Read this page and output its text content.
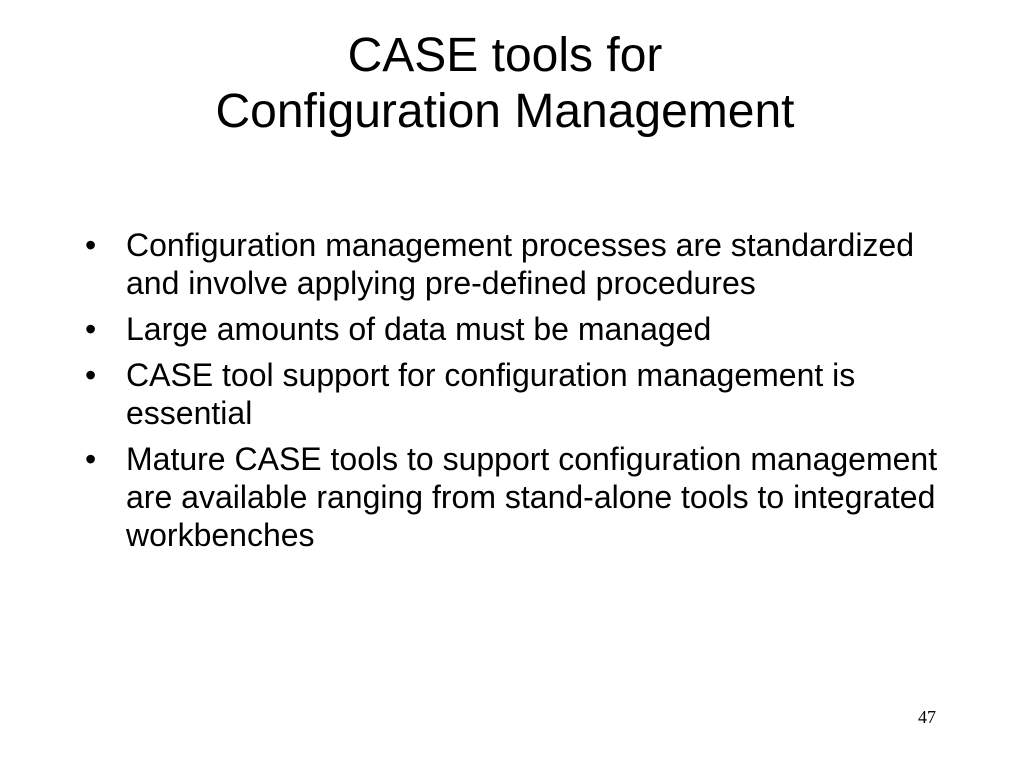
CASE tools for
Configuration Management
• Configuration management processes are standardized and involve applying pre-defined procedures
• Large amounts of data must be managed
• CASE tool support for configuration management is essential
• Mature CASE tools to support configuration management are available ranging from stand-alone tools to integrated workbenches
47
